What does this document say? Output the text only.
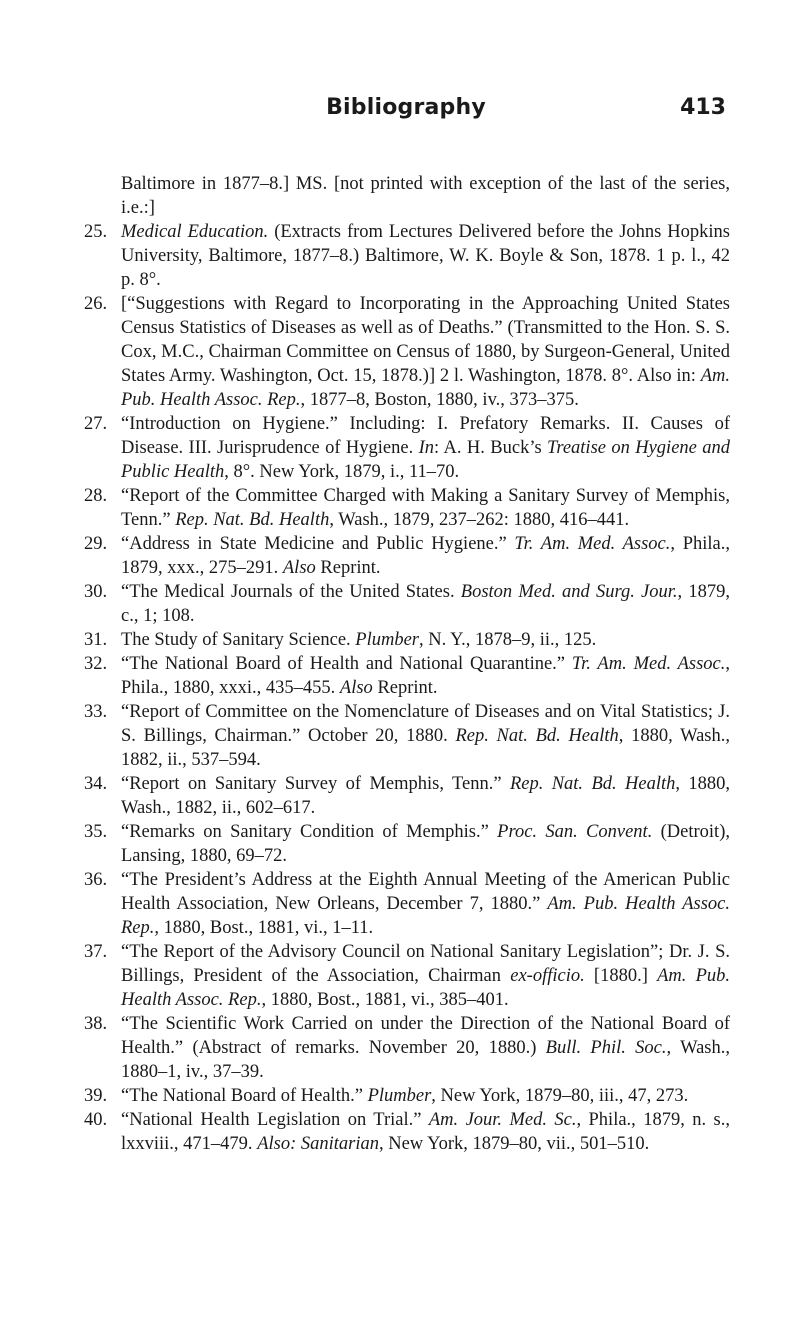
Bibliography	413

Baltimore in 1877–8.] MS. [not printed with exception of the last of the series, i.e.:]

25. Medical Education. (Extracts from Lectures Delivered before the Johns Hopkins University, Baltimore, 1877–8.) Baltimore, W. K. Boyle & Son, 1878. 1 p. l., 42 p. 8°.

26. [“Suggestions with Regard to Incorporating in the Approaching United States Census Statistics of Diseases as well as of Deaths.” (Transmitted to the Hon. S. S. Cox, M.C., Chairman Committee on Census of 1880, by Surgeon-General, United States Army. Washington, Oct. 15, 1878.)] 2 l. Washington, 1878. 8°. Also in: Am. Pub. Health Assoc. Rep., 1877–8, Boston, 1880, iv., 373–375.

27. “Introduction on Hygiene.” Including: I. Prefatory Remarks. II. Causes of Disease. III. Jurisprudence of Hygiene. In: A. H. Buck’s Treatise on Hygiene and Public Health, 8°. New York, 1879, i., 11–70.

28. “Report of the Committee Charged with Making a Sanitary Survey of Memphis, Tenn.” Rep. Nat. Bd. Health, Wash., 1879, 237–262: 1880, 416–441.

29. “Address in State Medicine and Public Hygiene.” Tr. Am. Med. Assoc., Phila., 1879, xxx., 275–291. Also Reprint.

30. “The Medical Journals of the United States. Boston Med. and Surg. Jour., 1879, c., 1; 108.

31. The Study of Sanitary Science. Plumber, N. Y., 1878–9, ii., 125.

32. “The National Board of Health and National Quarantine.” Tr. Am. Med. Assoc., Phila., 1880, xxxi., 435–455. Also Reprint.

33. “Report of Committee on the Nomenclature of Diseases and on Vital Statistics; J. S. Billings, Chairman.” October 20, 1880. Rep. Nat. Bd. Health, 1880, Wash., 1882, ii., 537–594.

34. “Report on Sanitary Survey of Memphis, Tenn.” Rep. Nat. Bd. Health, 1880, Wash., 1882, ii., 602–617.

35. “Remarks on Sanitary Condition of Memphis.” Proc. San. Convent. (Detroit), Lansing, 1880, 69–72.

36. “The President’s Address at the Eighth Annual Meeting of the American Public Health Association, New Orleans, December 7, 1880.” Am. Pub. Health Assoc. Rep., 1880, Bost., 1881, vi., 1–11.

37. “The Report of the Advisory Council on National Sanitary Legislation”; Dr. J. S. Billings, President of the Association, Chairman ex-officio. [1880.] Am. Pub. Health Assoc. Rep., 1880, Bost., 1881, vi., 385–401.

38. “The Scientific Work Carried on under the Direction of the National Board of Health.” (Abstract of remarks. November 20, 1880.) Bull. Phil. Soc., Wash., 1880–1, iv., 37–39.

39. “The National Board of Health.” Plumber, New York, 1879–80, iii., 47, 273.

40. “National Health Legislation on Trial.” Am. Jour. Med. Sc., Phila., 1879, n. s., lxxviii., 471–479. Also: Sanitarian, New York, 1879–80, vii., 501–510.
